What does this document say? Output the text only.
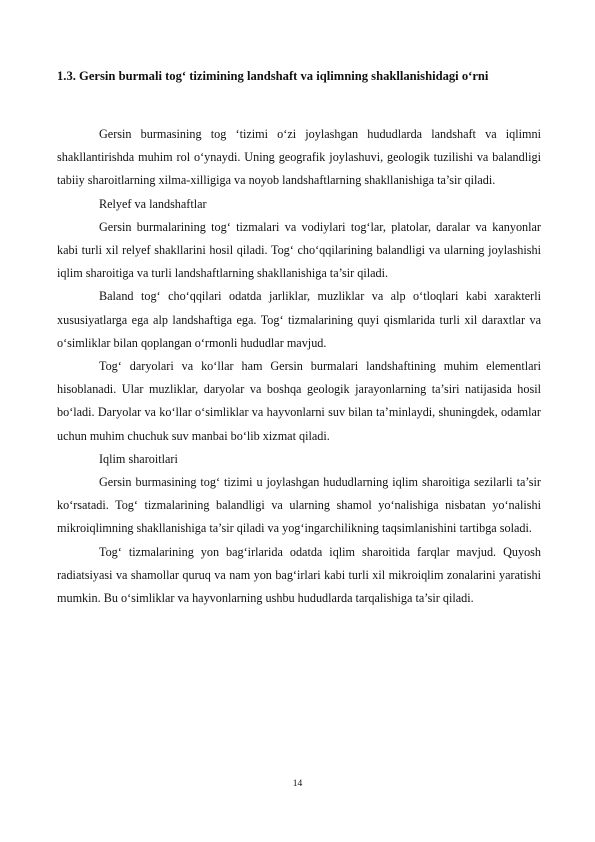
1.3. Gersin burmali tog‘ tizimining landshaft va iqlimning shakllanishidagi o‘rni

Gersin burmasining tog ‘tizimi o‘zi joylashgan hududlarda landshaft va iqlimni shakllantirishda muhim rol o‘ynaydi. Uning geografik joylashuvi, geologik tuzilishi va balandligi tabiiy sharoitlarning xilma-xilligiga va noyob landshaftlarning shakllanishiga ta’sir qiladi.

Relyef va landshaftlar

Gersin burmalarining tog‘ tizmalari va vodiylari tog‘lar, platolar, daralar va kanyonlar kabi turli xil relyef shakllarini hosil qiladi. Tog‘ cho‘qqilarining balandligi va ularning joylashishi iqlim sharoitiga va turli landshaftlarning shakllanishiga ta’sir qiladi.

Baland tog‘ cho‘qqilari odatda jarliklar, muzliklar va alp o‘tloqlari kabi xarakterli xususiyatlarga ega alp landshaftiga ega. Tog‘ tizmalarining quyi qismlarida turli xil daraxtlar va o‘simliklar bilan qoplangan o‘rmonli hududlar mavjud.

Tog‘ daryolari va ko‘llar ham Gersin burmalari landshaftining muhim elementlari hisoblanadi. Ular muzliklar, daryolar va boshqa geologik jarayonlarning ta’siri natijasida hosil bo‘ladi. Daryolar va ko‘llar o‘simliklar va hayvonlarni suv bilan ta’minlaydi, shuningdek, odamlar uchun muhim chuchuk suv manbai bo‘lib xizmat qiladi.

Iqlim sharoitlari

Gersin burmasining tog‘ tizimi u joylashgan hududlarning iqlim sharoitiga sezilarli ta’sir ko‘rsatadi. Tog‘ tizmalarining balandligi va ularning shamol yo‘nalishiga nisbatan yo‘nalishi mikroiqlimning shakllanishiga ta’sir qiladi va yog‘ingarchilikning taqsimlanishini tartibga soladi.

Tog‘ tizmalarining yon bag‘irlarida odatda iqlim sharoitida farqlar mavjud. Quyosh radiatsiyasi va shamollar quruq va nam yon bag‘irlari kabi turli xil mikroiqlim zonalarini yaratishi mumkin. Bu o‘simliklar va hayvonlarning ushbu hududlarda tarqalishiga ta’sir qiladi.

14
